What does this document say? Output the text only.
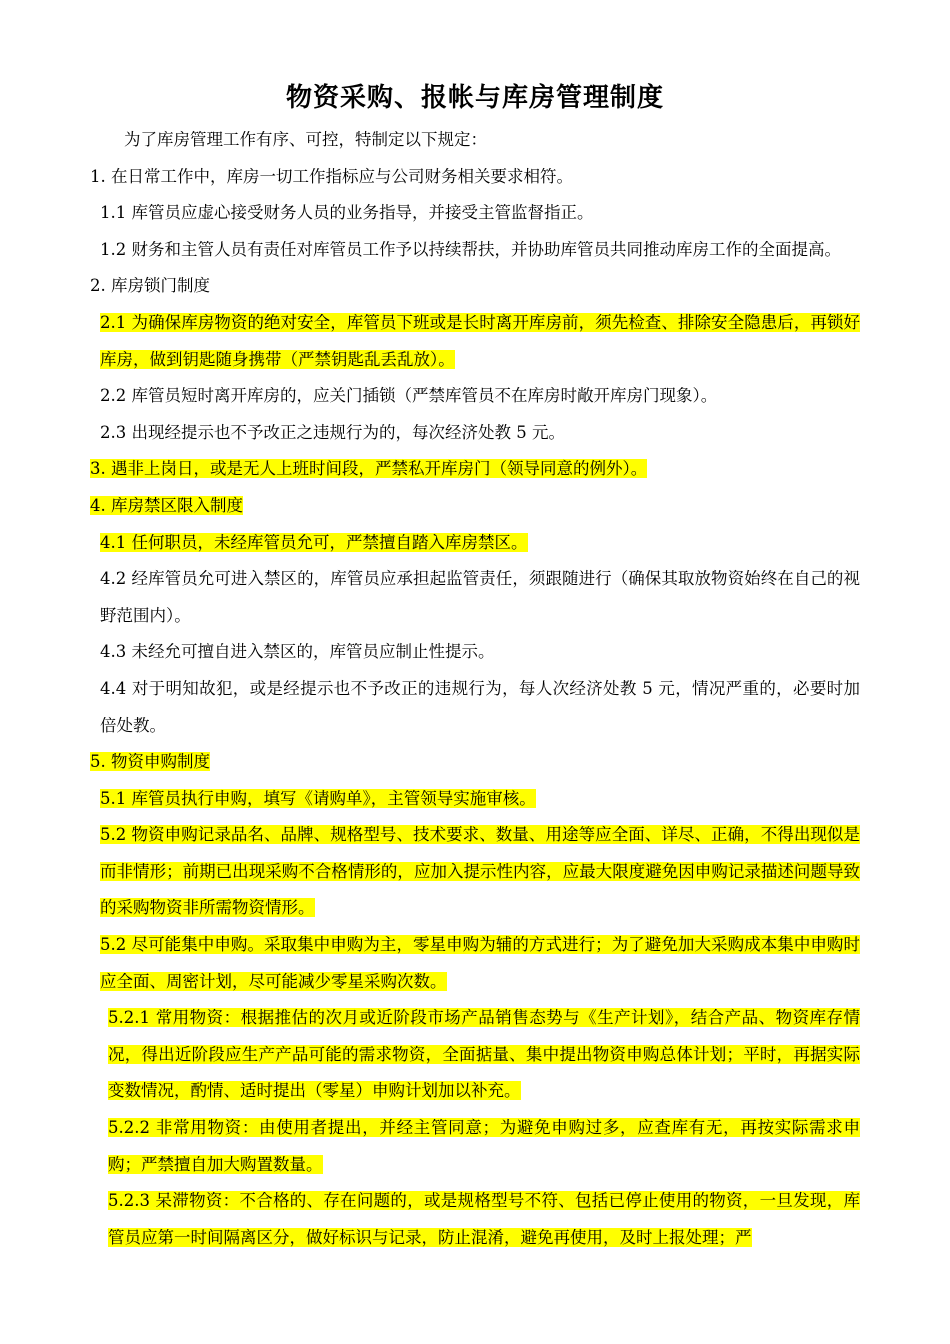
物资采购、报帐与库房管理制度
为了库房管理工作有序、可控，特制定以下规定：
1. 在日常工作中，库房一切工作指标应与公司财务相关要求相符。
1.1 库管员应虚心接受财务人员的业务指导，并接受主管监督指正。
1.2 财务和主管人员有责任对库管员工作予以持续帮扶，并协助库管员共同推动库房工作的全面提高。
2. 库房锁门制度
2.1 为确保库房物资的绝对安全，库管员下班或是长时离开库房前，须先检查、排除安全隐患后，再锁好库房，做到钥匙随身携带（严禁钥匙乱丢乱放）。
2.2 库管员短时离开库房的，应关门插锁（严禁库管员不在库房时敞开库房门现象）。
2.3 出现经提示也不予改正之违规行为的，每次经济处教 5 元。
3. 遇非上岗日，或是无人上班时间段，严禁私开库房门（领导同意的例外）。
4. 库房禁区限入制度
4.1 任何职员，未经库管员允可，严禁擅自踏入库房禁区。
4.2 经库管员允可进入禁区的，库管员应承担起监管责任，须跟随进行（确保其取放物资始终在自己的视野范围内）。
4.3 未经允可擅自进入禁区的，库管员应制止性提示。
4.4 对于明知故犯，或是经提示也不予改正的违规行为，每人次经济处教 5 元，情况严重的，必要时加倍处教。
5. 物资申购制度
5.1 库管员执行申购，填写《请购单》，主管领导实施审核。
5.2 物资申购记录品名、品牌、规格型号、技术要求、数量、用途等应全面、详尽、正确，不得出现似是而非情形；前期已出现采购不合格情形的，应加入提示性内容，应最大限度避免因申购记录描述问题导致的采购物资非所需物资情形。
5.2 尽可能集中申购。采取集中申购为主，零星申购为辅的方式进行；为了避免加大采购成本集中申购时应全面、周密计划，尽可能减少零星采购次数。
5.2.1 常用物资：根据推估的次月或近阶段市场产品销售态势与《生产计划》，结合产品、物资库存情况，得出近阶段应生产产品可能的需求物资，全面掂量、集中提出物资申购总体计划；平时，再据实际变数情况，酌情、适时提出（零星）申购计划加以补充。
5.2.2 非常用物资：由使用者提出，并经主管同意；为避免申购过多，应查库有无，再按实际需求申购；严禁擅自加大购置数量。
5.2.3 呆滞物资：不合格的、存在问题的，或是规格型号不符、包括已停止使用的物资，一旦发现，库管员应第一时间隔离区分，做好标识与记录，防止混淆，避免再使用，及时上报处理；严
